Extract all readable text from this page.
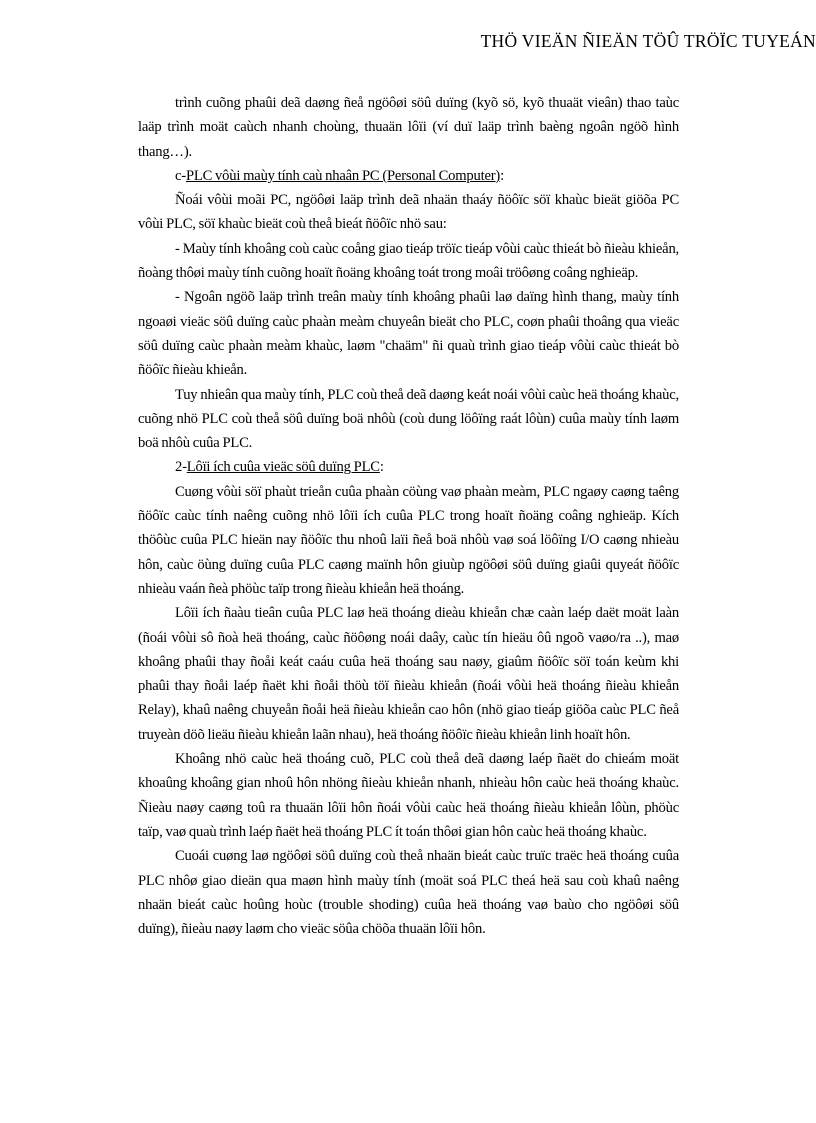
THÖ VIEÄN ÑIEÄN TÖÛ TRÖÏC TUYEÁN

trình cuõng phaûi deã daøng ñeå ngöôøi söû duïng (kyõ sö, kyõ thuaät vieân) thao taùc laäp trình moät caùch nhanh choùng, thuaän lôïi (ví duï laäp trình baèng ngoân ngöõ hình thang…).

c-PLC vôùi maùy tính caù nhaân PC (Personal Computer):

Ñoái vôùi moãi PC, ngöôøi laäp trình deã nhaän thaáy ñöôïc söï khaùc bieät giöõa PC vôùi PLC, söï khaùc bieät coù theå bieát ñöôïc nhö sau:

- Maùy tính khoâng coù caùc coång giao tieáp tröïc tieáp vôùi caùc thieát bò ñieàu khieån, ñoàng thôøi maùy tính cuõng hoaït ñoäng khoâng toát trong moâi tröôøng coâng nghieäp.

- Ngoân ngöõ laäp trình treân maùy tính khoâng phaûi laø daïng hình thang, maùy tính ngoaøi vieäc söû duïng caùc phaàn meàm chuyeân bieät cho PLC, coøn phaûi thoâng qua vieäc söû duïng caùc phaàn meàm khaùc, laøm "chaäm" ñi quaù trình giao tieáp vôùi caùc thieát bò ñöôïc ñieàu khieån.

Tuy nhieân qua maùy tính, PLC coù theå deã daøng keát noái vôùi caùc heä thoáng khaùc, cuõng nhö PLC coù theå söû duïng boä nhôù (coù dung löôïng raát lôùn) cuûa maùy tính laøm boä nhôù cuûa PLC.

2-Lôïi ích cuûa vieäc söû duïng PLC:

Cuøng vôùi söï phaùt trieån cuûa phaàn cöùng vaø phaàn meàm, PLC ngaøy caøng taêng ñöôïc caùc tính naêng cuõng nhö lôïi ích cuûa PLC trong hoaït ñoäng coâng nghieäp. Kích thöôùc cuûa PLC hieän nay ñöôïc thu nhoû laïi ñeå boä nhôù vaø soá löôïng I/O caøng nhieàu hôn, caùc öùng duïng cuûa PLC caøng maïnh hôn giuùp ngöôøi söû duïng giaûi quyeát ñöôïc nhieàu vaán ñeà phöùc taïp trong ñieàu khieån heä thoáng.

Lôïi ích ñaàu tieân cuûa PLC laø heä thoáng dieàu khieån chæ caàn laép daët moät laàn (ñoái vôùi sô ñoà heä thoáng, caùc ñöôøng noái daây, caùc tín hieäu ôû ngoõ vaøo/ra ..), maø khoâng phaûi thay ñoåi keát caáu cuûa heä thoáng sau naøy, giaûm ñöôïc söï toán keùm khi phaûi thay ñoåi laép ñaët khi ñoåi thöù töï ñieàu khieån (ñoái vôùi heä thoáng ñieàu khieån Relay), khaû naêng chuyeån ñoåi heä ñieàu khieån cao hôn (nhö giao tieáp giöõa caùc PLC ñeå truyeàn döõ lieäu ñieàu khieån laãn nhau), heä thoáng ñöôïc ñieàu khieån linh hoaït hôn.

Khoâng nhö caùc heä thoáng cuõ, PLC coù theå deã daøng laép ñaët do chieám moät khoaûng khoâng gian nhoû hôn nhöng ñieàu khieån nhanh, nhieàu hôn caùc heä thoáng khaùc. Ñieàu naøy caøng toû ra thuaän lôïi hôn ñoái vôùi caùc heä thoáng ñieàu khieån lôùn, phöùc taïp, vaø quaù trình laép ñaët heä thoáng PLC ít toán thôøi gian hôn caùc heä thoáng khaùc.

Cuoái cuøng laø ngöôøi söû duïng coù theå nhaän bieát caùc truïc traëc heä thoáng cuûa PLC nhôø giao dieän qua maøn hình maùy tính (moät soá PLC theá heä sau coù khaû naêng nhaän bieát caùc hoûng hoùc (trouble shoding) cuûa heä thoáng vaø baùo cho ngöôøi söû duïng), ñieàu naøy laøm cho vieäc söûa chöõa thuaän lôïi hôn.
